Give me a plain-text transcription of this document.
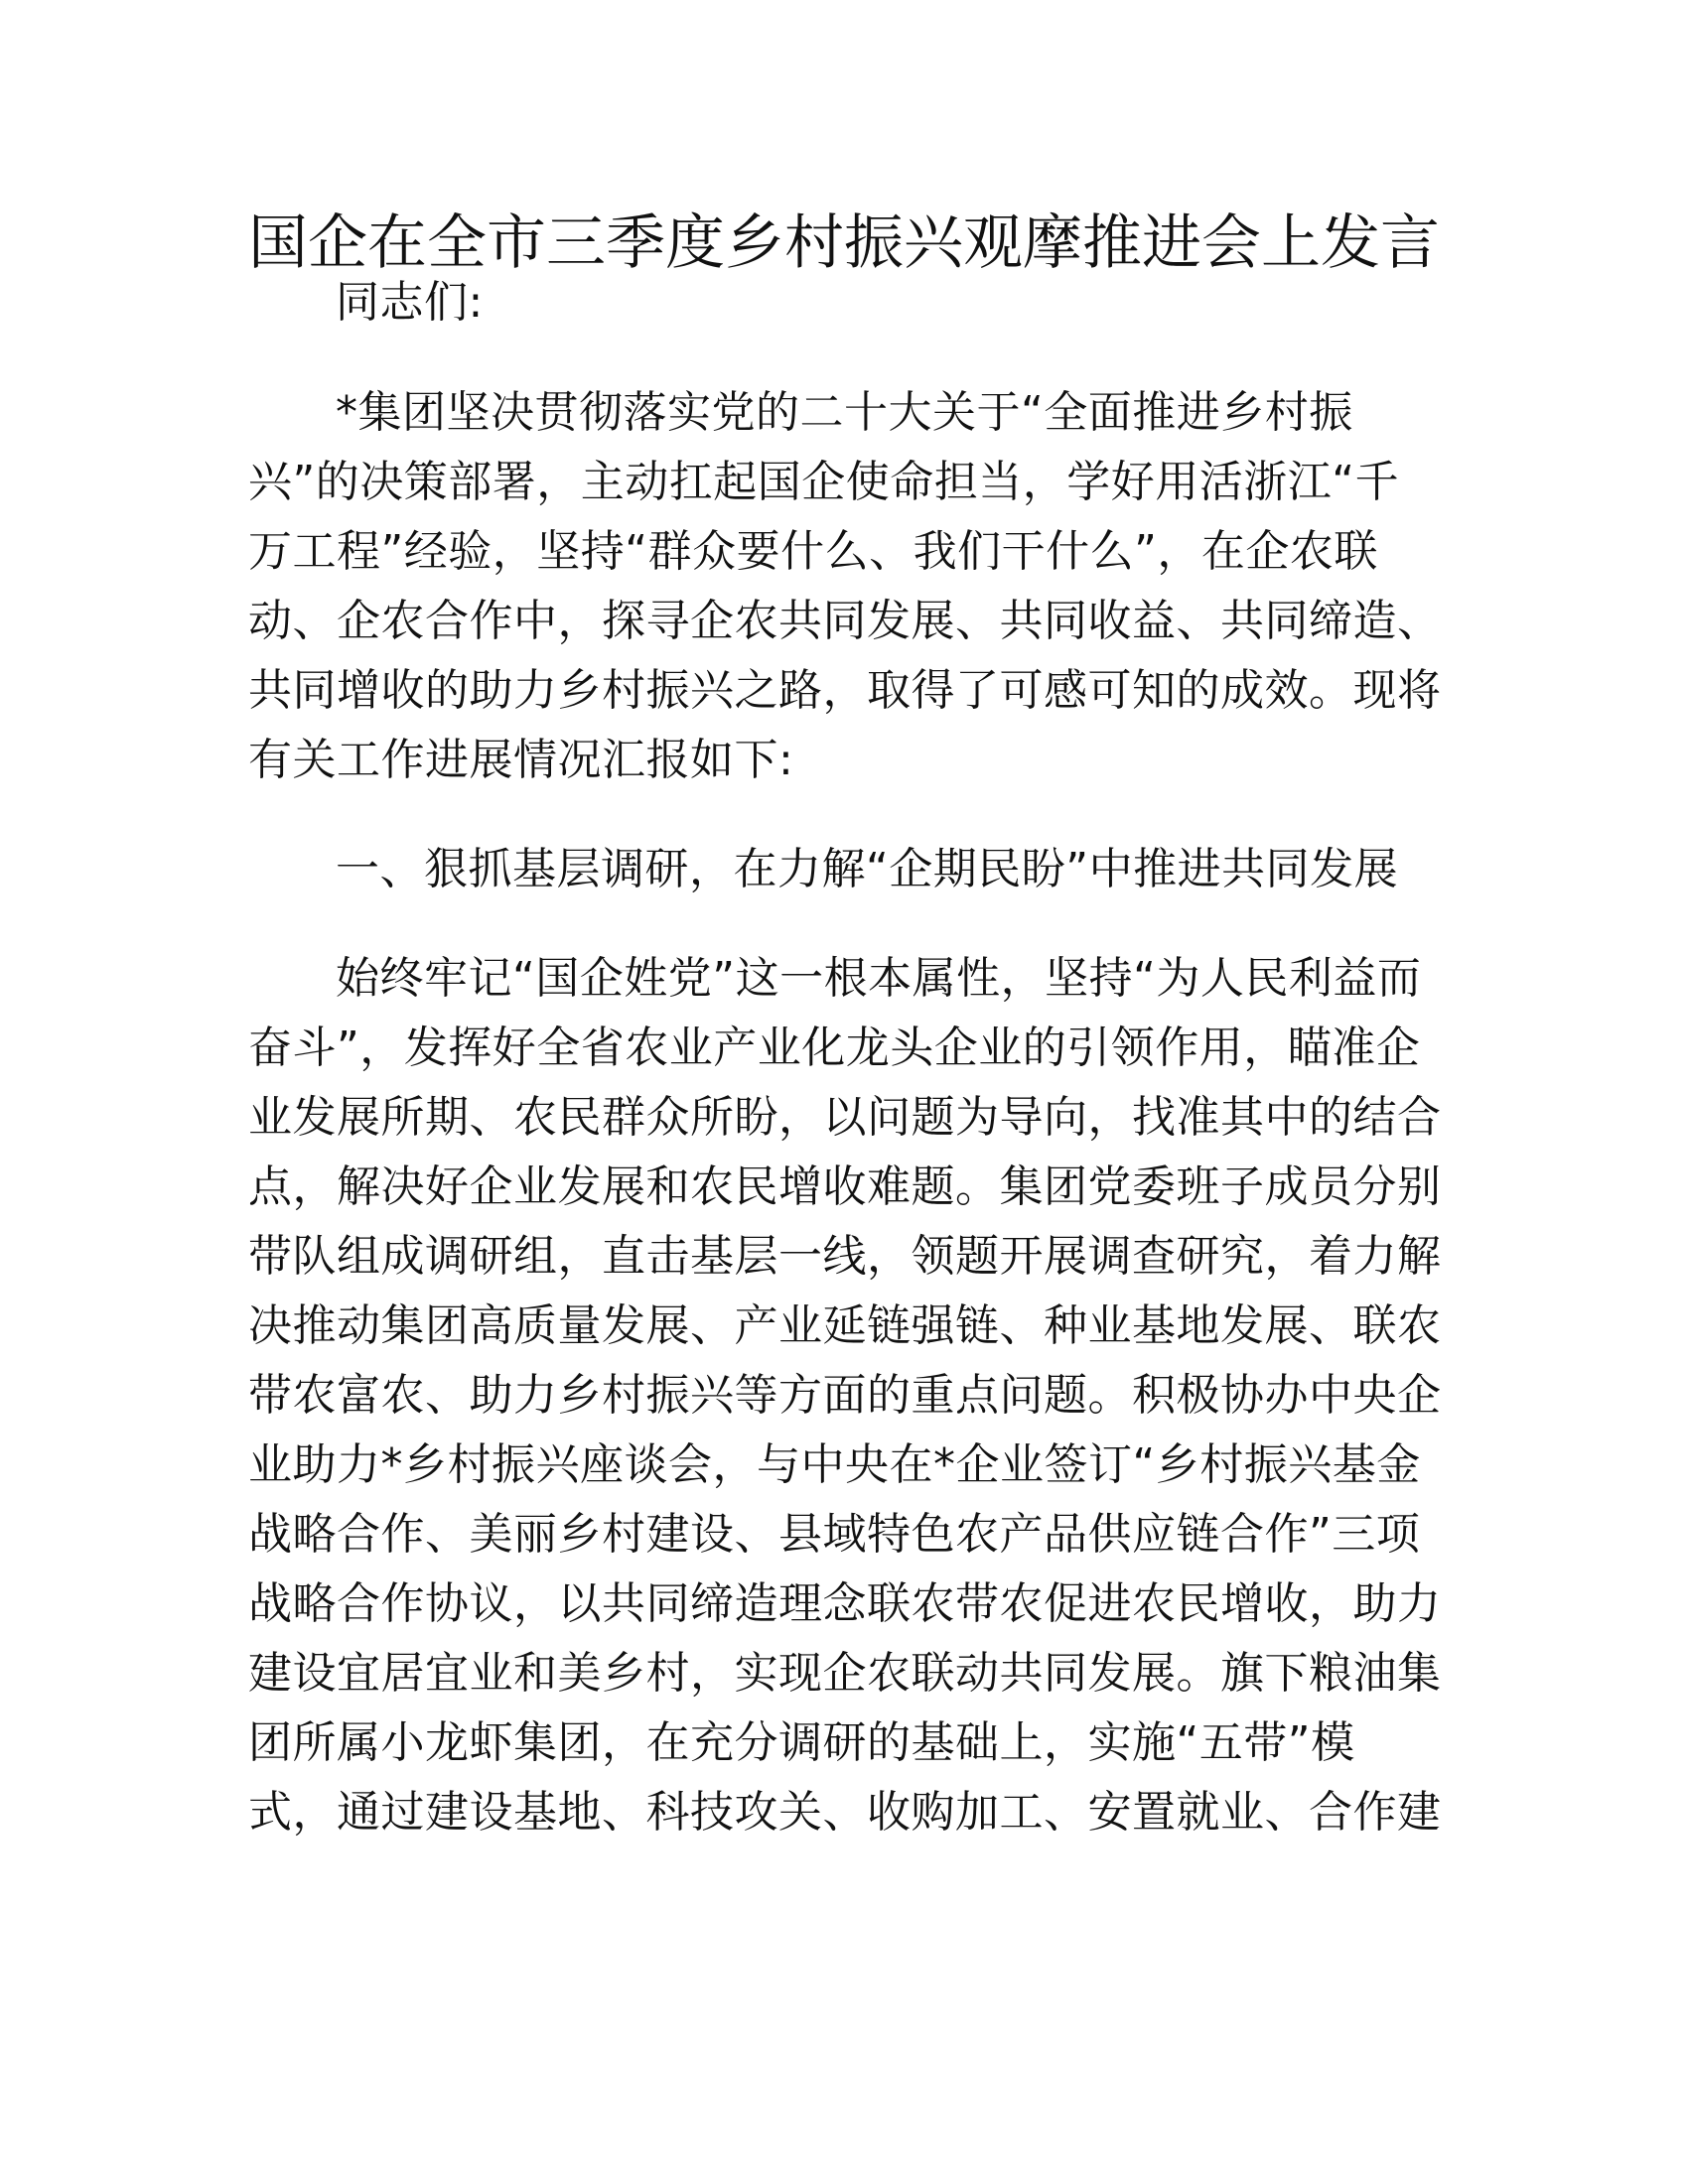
国企在全市三季度乡村振兴观摩推进会上发言
同志们:
*集团坚决贯彻落实党的二十大关于“全面推进乡村振
兴”的决策部署，主动扛起国企使命担当，学好用活浙江“千
万工程”经验，坚持“群众要什么、我们干什么”，在企农联
动、企农合作中，探寻企农共同发展、共同收益、共同缔造、
共同增收的助力乡村振兴之路，取得了可感可知的成效。现将
有关工作进展情况汇报如下:
一、狠抓基层调研，在力解“企期民盼”中推进共同发展
始终牢记“国企姓党”这一根本属性，坚持“为人民利益而
奋斗”，发挥好全省农业产业化龙头企业的引领作用，瞄准企
业发展所期、农民群众所盼，以问题为导向，找准其中的结合
点，解决好企业发展和农民增收难题。集团党委班子成员分别
带队组成调研组，直击基层一线，领题开展调查研究，着力解
决推动集团高质量发展、产业延链强链、种业基地发展、联农
带农富农、助力乡村振兴等方面的重点问题。积极协办中央企
业助力*乡村振兴座谈会，与中央在*企业签订“乡村振兴基金
战略合作、美丽乡村建设、县域特色农产品供应链合作”三项
战略合作协议，以共同缔造理念联农带农促进农民增收，助力
建设宜居宜业和美乡村，实现企农联动共同发展。旗下粮油集
团所属小龙虾集团，在充分调研的基础上，实施“五带”模
式，通过建设基地、科技攻关、收购加工、安置就业、合作建
